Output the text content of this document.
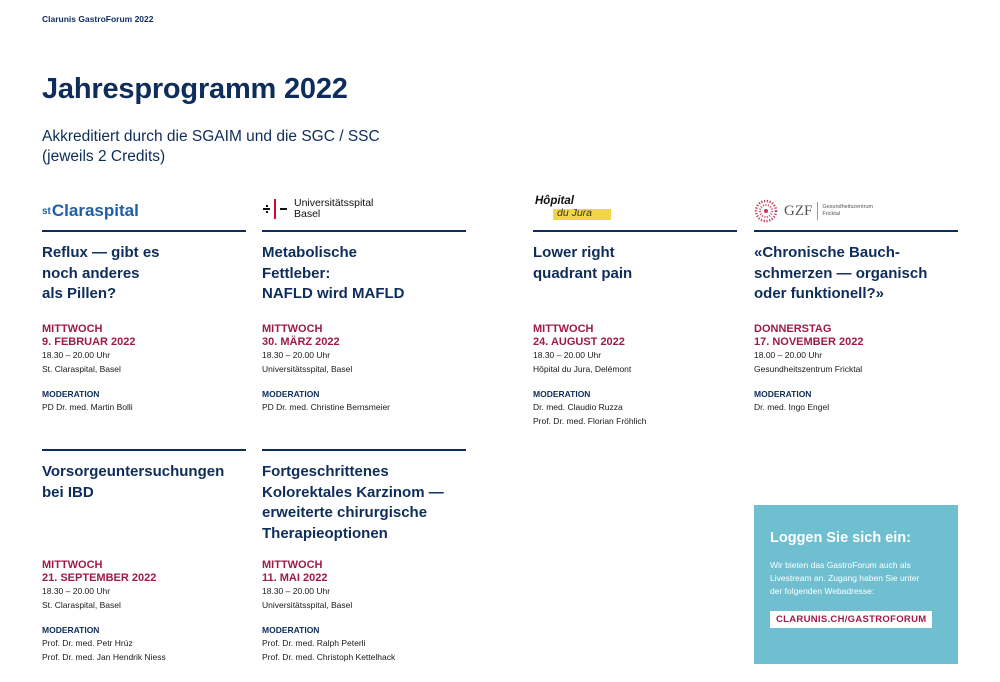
Clarunis GastroForum 2022
Jahresprogramm 2022
Akkreditiert durch die SGAIM und die SGC / SSC
(jeweils 2 Credits)
st Claraspital	Universitätsspital
Basel
Hôpital
du Jura	GZF Gesundheitszentrum
Fricktal
Reflux — gibt es
noch anderes
als Pillen?
MITTWOCH
9. FEBRUAR 2022
18.30 – 20.00 Uhr
St. Claraspital, Basel
MODERATION
PD Dr. med. Martin Bolli
Metabolische
Fettleber:
NAFLD wird MAFLD
MITTWOCH
30. MÄRZ 2022
18.30 – 20.00 Uhr
Universitätsspital, Basel
MODERATION
PD Dr. med. Christine Bernsmeier
Lower right
quadrant pain
MITTWOCH
24. AUGUST 2022
18.30 – 20.00 Uhr
Hôpital du Jura, Delémont
MODERATION
Dr. med. Claudio Ruzza
Prof. Dr. med. Florian Fröhlich
«Chronische Bauch-
schmerzen — organisch
oder funktionell?»
DONNERSTAG
17. NOVEMBER 2022
18.00 – 20.00 Uhr
Gesundheitszentrum Fricktal
MODERATION
Dr. med. Ingo Engel
Vorsorgeuntersuchungen
bei IBD
MITTWOCH
21. SEPTEMBER 2022
18.30 – 20.00 Uhr
St. Claraspital, Basel
MODERATION
Prof. Dr. med. Petr Hrúz
Prof. Dr. med. Jan Hendrik Niess
Fortgeschrittenes
Kolorektales Karzinom —
erweiterte chirurgische
Therapieoptionen
MITTWOCH
11. MAI 2022
18.30 – 20.00 Uhr
Universitätsspital, Basel
MODERATION
Prof. Dr. med. Ralph Peterli
Prof. Dr. med. Christoph Kettelhack
Loggen Sie sich ein:
Wir bieten das GastroForum auch als
Livestream an. Zugang haben Sie unter
der folgenden Webadresse:
CLARUNIS.CH/GASTROFORUM
